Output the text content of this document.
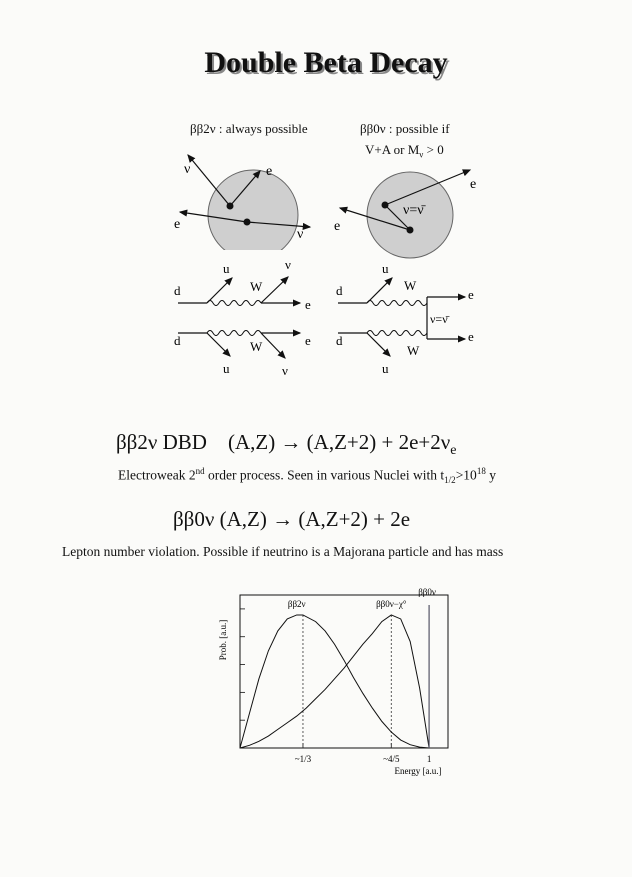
Double Beta Decay
ββ2ν : always possible
ν	e
e
ν
ββ0ν : possible if
V+A or $M_\nu > 0$
e
e
ν=ν̄
d
u
W
ν
e
d
u
W
ν
e
d
u
W
e
ν=ν̄
d
u
W
e
ββ2ν DBD $(A,Z) \to (A,Z+2) + 2e+2\nu_e$
Electroweak 2nd order process. Seen in various Nuclei with $t_{1/2}>10^{18}$ y
ββ0ν (A,Z) → (A,Z+2) + 2e
Lepton number violation. Possible if neutrino is a Majorana particle and has mass
~1/3	~4/5	1
ββ2ν	ββ0ν−χ°
ββ0ν
Prob. [a.u.]
Energy [a.u.]
